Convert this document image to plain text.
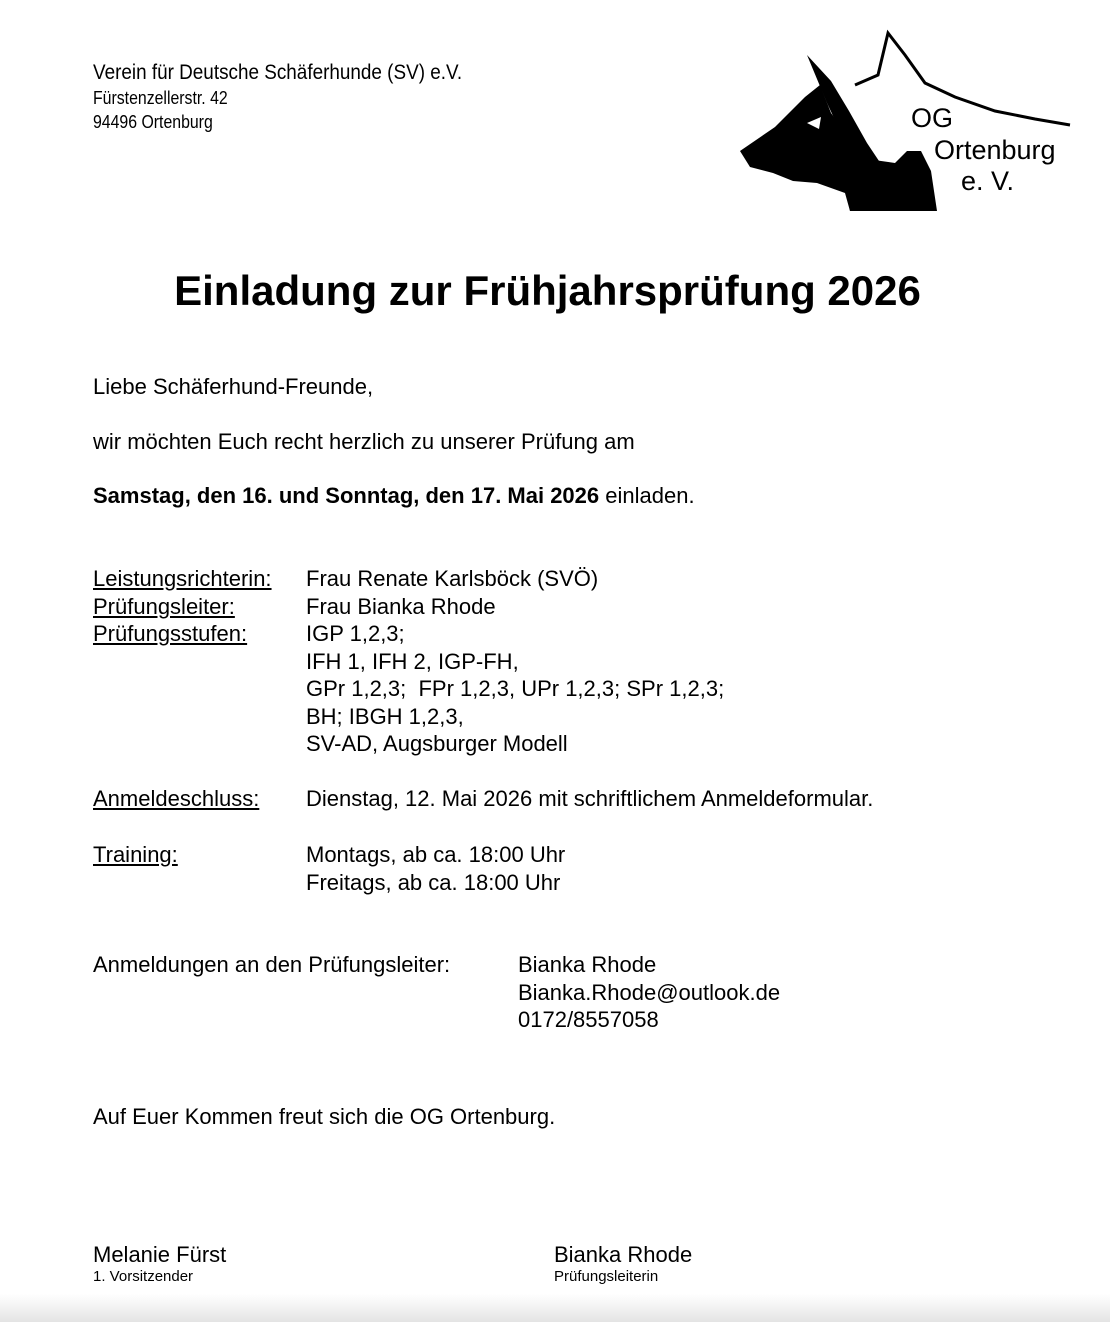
Verein für Deutsche Schäferhunde (SV) e.V.
Fürstenzellerstr. 42
94496 Ortenburg	OG
Ortenburg
e. V.
Einladung zur Frühjahrsprüfung 2026
Liebe Schäferhund-Freunde,
wir möchten Euch recht herzlich zu unserer Prüfung am
Samstag, den 16. und Sonntag, den 17. Mai 2026 einladen.
Leistungsrichterin: Frau Renate Karlsböck (SVÖ)
Prüfungsleiter:	Frau Bianka Rhode
Prüfungsstufen:	IGP 1,2,3;
IFH 1, IFH 2, IGP-FH,
GPr 1,2,3;  FPr 1,2,3, UPr 1,2,3; SPr 1,2,3;
BH; IBGH 1,2,3,
SV-AD, Augsburger Modell
Anmeldeschluss: Dienstag, 12. Mai 2026 mit schriftlichem Anmeldeformular.
Training:	Montags, ab ca. 18:00 Uhr
Freitags, ab ca. 18:00 Uhr
Anmeldungen an den Prüfungsleiter:	Bianka Rhode
Bianka.Rhode@outlook.de
0172/8557058
Auf Euer Kommen freut sich die OG Ortenburg.
Melanie Fürst
1. Vorsitzender
Bianka Rhode
Prüfungsleiterin
